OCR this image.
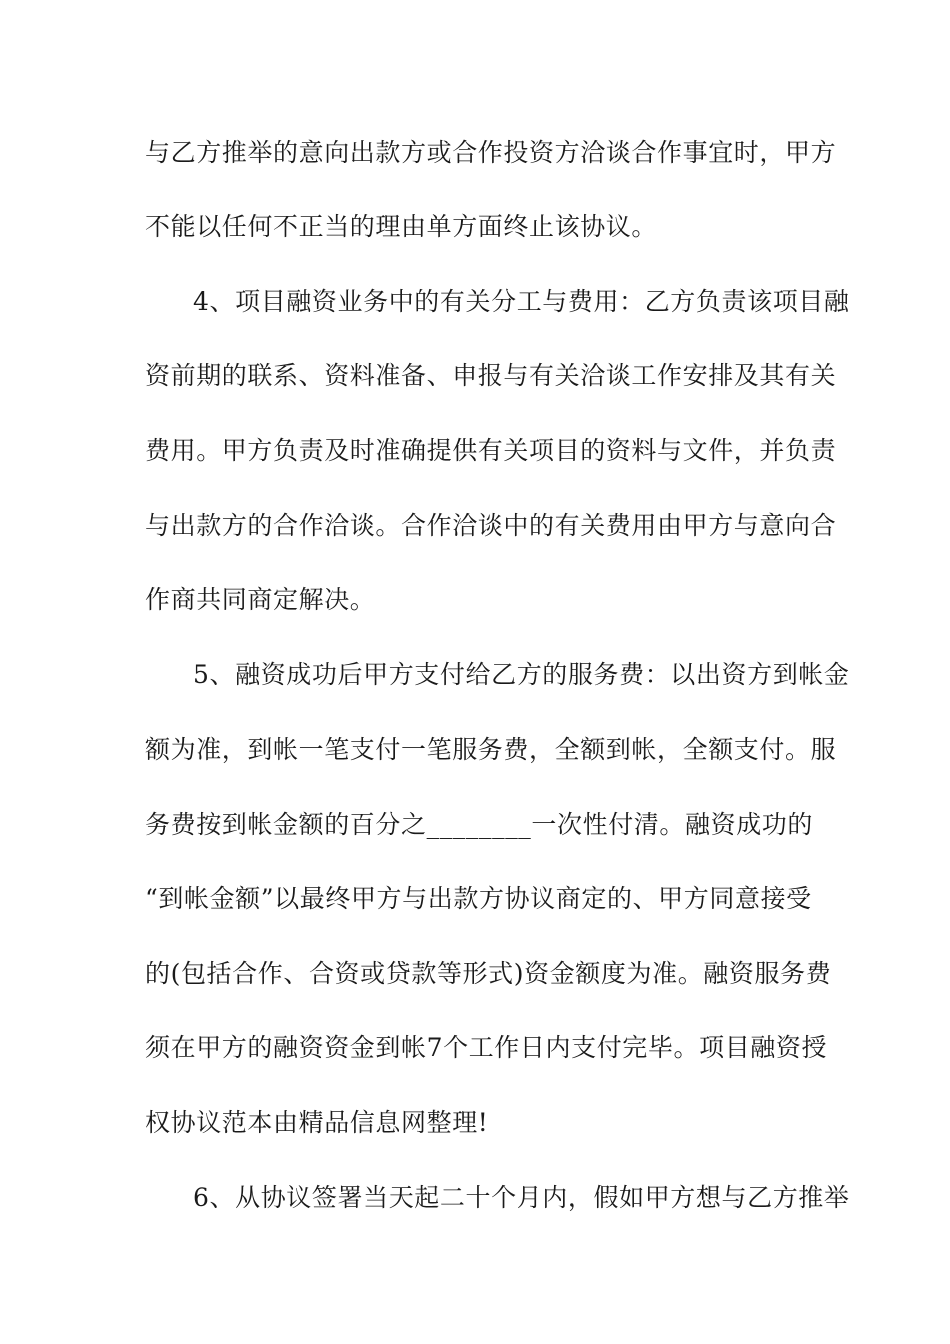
与乙方推举的意向出款方或合作投资方洽谈合作事宜时，甲方
不能以任何不正当的理由单方面终止该协议。
4、项目融资业务中的有关分工与费用：乙方负责该项目融
资前期的联系、资料准备、申报与有关洽谈工作安排及其有关
费用。甲方负责及时准确提供有关项目的资料与文件，并负责
与出款方的合作洽谈。合作洽谈中的有关费用由甲方与意向合
作商共同商定解决。
5、融资成功后甲方支付给乙方的服务费：以出资方到帐金
额为准，到帐一笔支付一笔服务费，全额到帐，全额支付。服
务费按到帐金额的百分之________一次性付清。融资成功的
“到帐金额”以最终甲方与出款方协议商定的、甲方同意接受
的(包括合作、合资或贷款等形式)资金额度为准。融资服务费
须在甲方的融资资金到帐7个工作日内支付完毕。项目融资授
权协议范本由精品信息网整理!
6、从协议签署当天起二十个月内，假如甲方想与乙方推举
